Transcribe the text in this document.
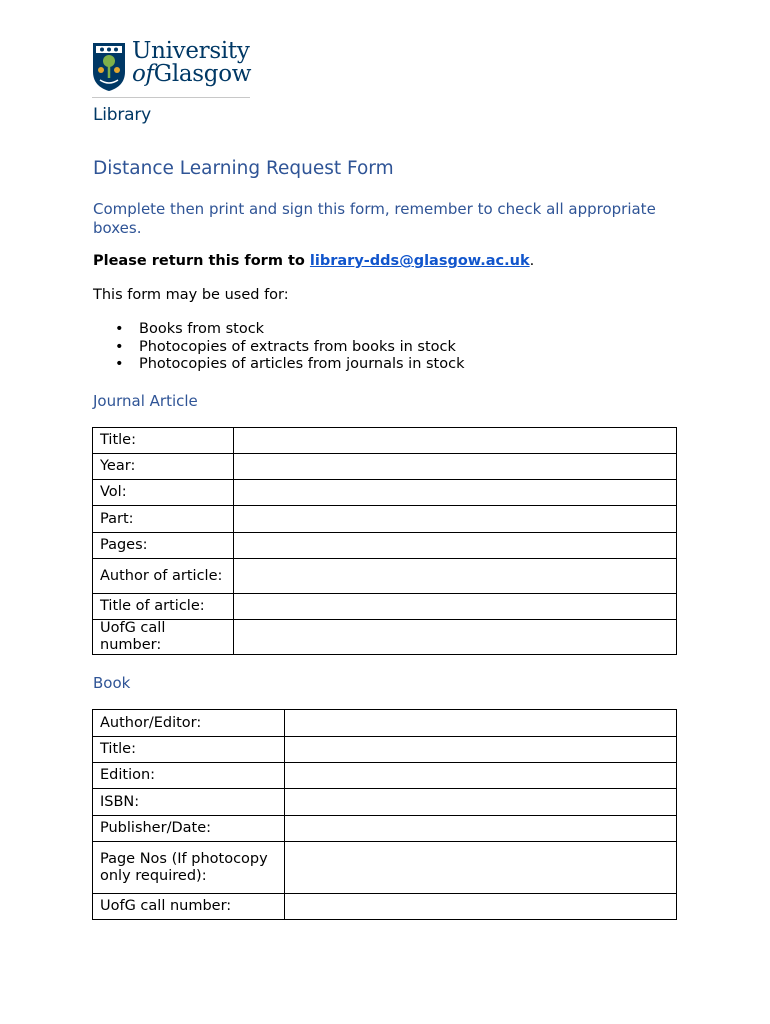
University
ofGlasgow
Library
Distance Learning Request Form
Complete then print and sign this form, remember to check all appropriate boxes.
Please return this form to library-dds@glasgow.ac.uk.
This form may be used for:
• Books from stock
• Photocopies of extracts from books in stock
• Photocopies of articles from journals in stock
Journal Article
Title:	
Year:	
Vol:	
Part:	
Pages:	
Author of article:	
Title of article:	
UofG call number:	
Book
Author/Editor:	
Title:	
Edition:	
ISBN:	
Publisher/Date:	
Page Nos (If photocopy only required):	
UofG call number:	
